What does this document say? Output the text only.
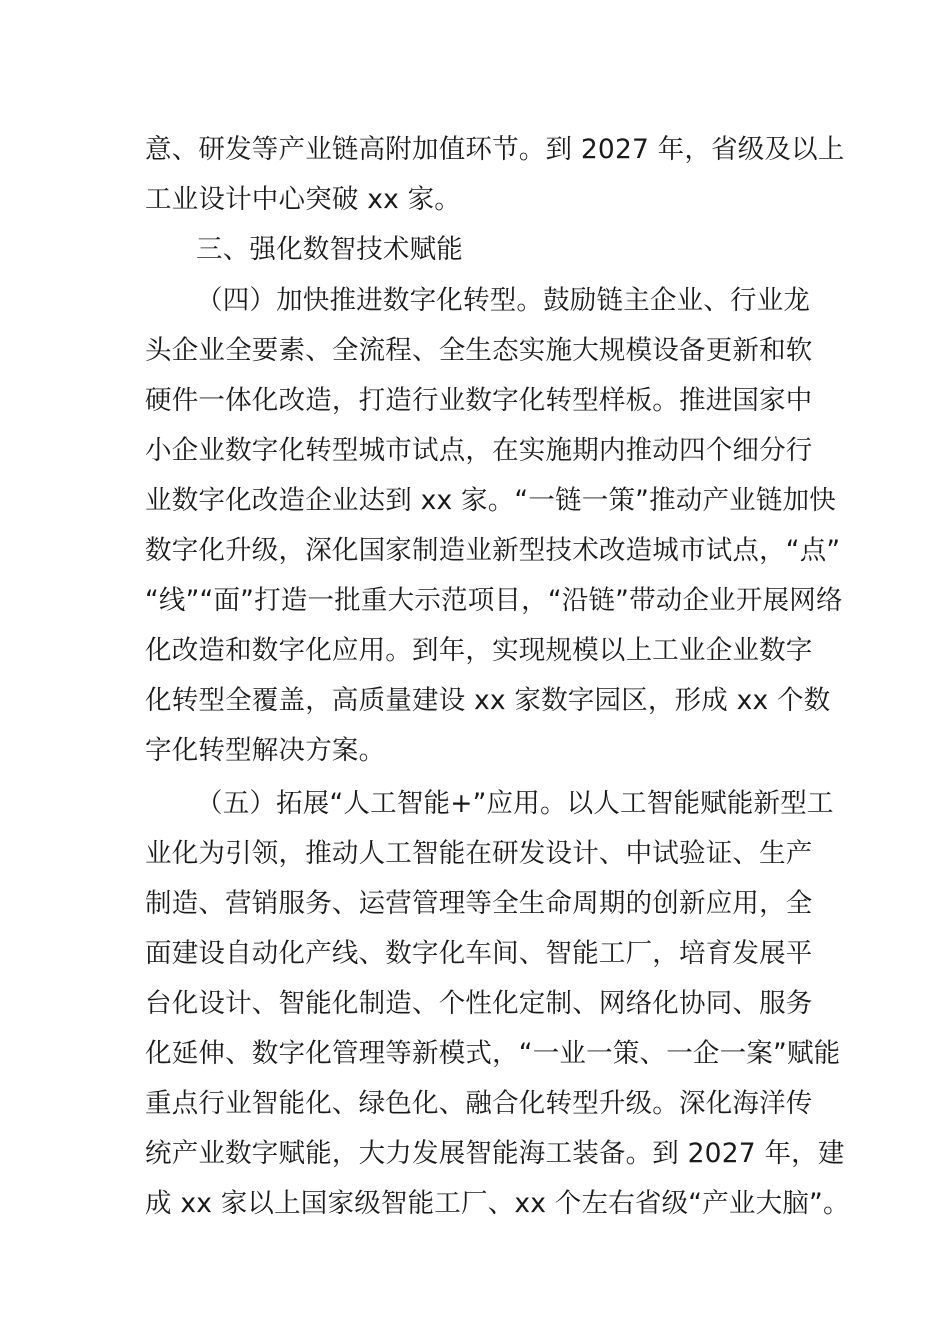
意、研发等产业链高附加值环节。到 2027 年，省级及以上
工业设计中心突破 xx 家。
三、强化数智技术赋能
（四）加快推进数字化转型。鼓励链主企业、行业龙
头企业全要素、全流程、全生态实施大规模设备更新和软
硬件一体化改造，打造行业数字化转型样板。推进国家中
小企业数字化转型城市试点，在实施期内推动四个细分行
业数字化改造企业达到 xx 家。“一链一策”推动产业链加快
数字化升级，深化国家制造业新型技术改造城市试点，“点”
“线”“面”打造一批重大示范项目，“沿链”带动企业开展网络
化改造和数字化应用。到年，实现规模以上工业企业数字
化转型全覆盖，高质量建设 xx 家数字园区，形成 xx 个数
字化转型解决方案。
（五）拓展“人工智能+”应用。以人工智能赋能新型工
业化为引领，推动人工智能在研发设计、中试验证、生产
制造、营销服务、运营管理等全生命周期的创新应用，全
面建设自动化产线、数字化车间、智能工厂，培育发展平
台化设计、智能化制造、个性化定制、网络化协同、服务
化延伸、数字化管理等新模式，“一业一策、一企一案”赋能
重点行业智能化、绿色化、融合化转型升级。深化海洋传
统产业数字赋能，大力发展智能海工装备。到 2027 年，建
成 xx 家以上国家级智能工厂、xx 个左右省级“产业大脑”。
